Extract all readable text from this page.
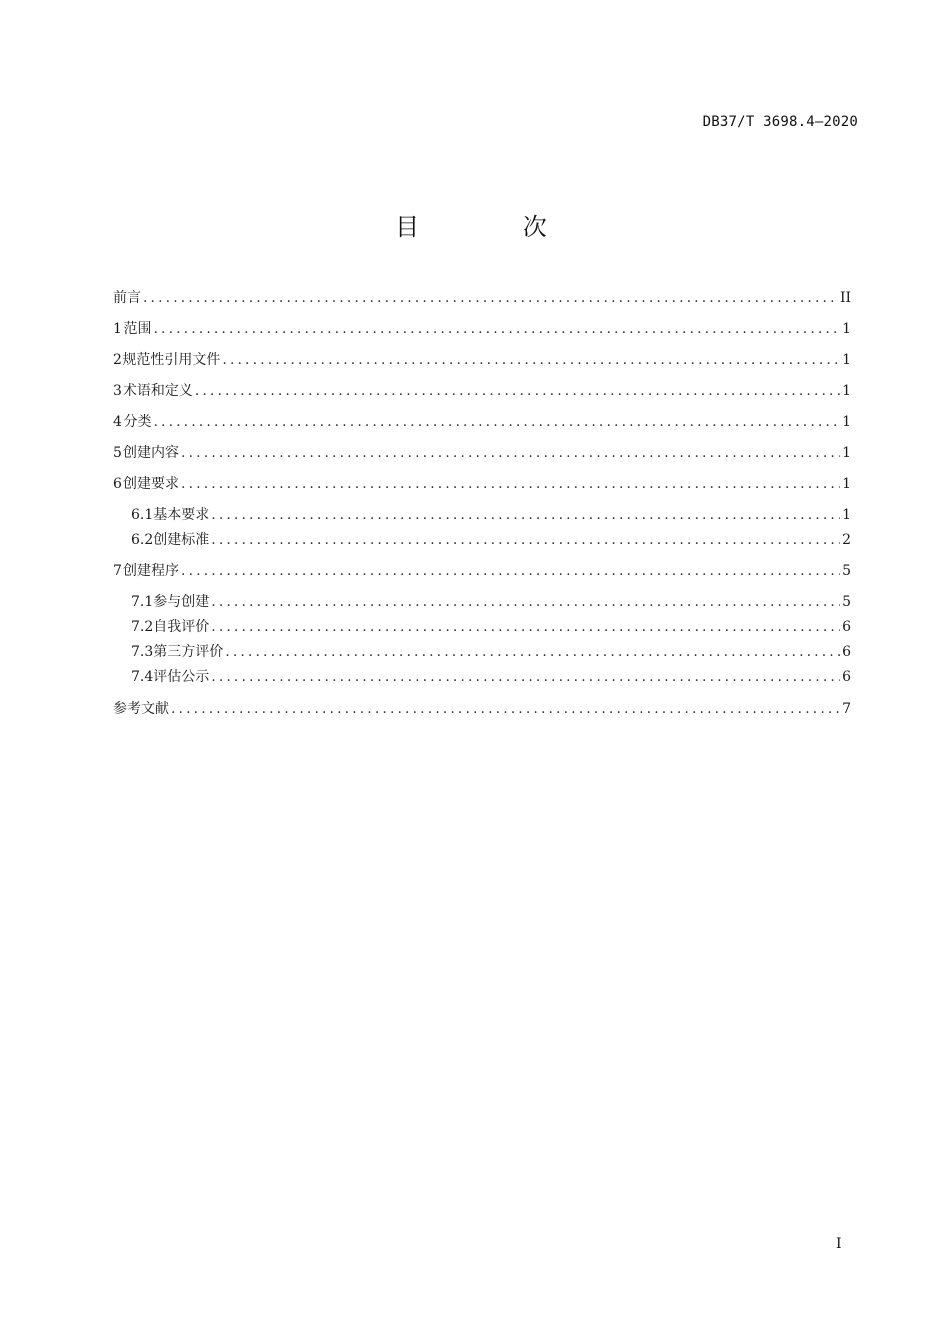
DB37/T 3698.4—2020
目 次
前言 .....	II
1 范围 .....	1
2 规范性引用文件 .....	1
3 术语和定义 .....	1
4 分类 .....	1
5 创建内容 .....	1
6 创建要求 .....	1
6.1 基本要求 .....	1
6.2 创建标准 .....	2
7 创建程序 .....	5
7.1 参与创建 .....	5
7.2 自我评价 .....	6
7.3 第三方评价 .....	6
7.4 评估公示 .....	6
参考文献 .....	7
I
